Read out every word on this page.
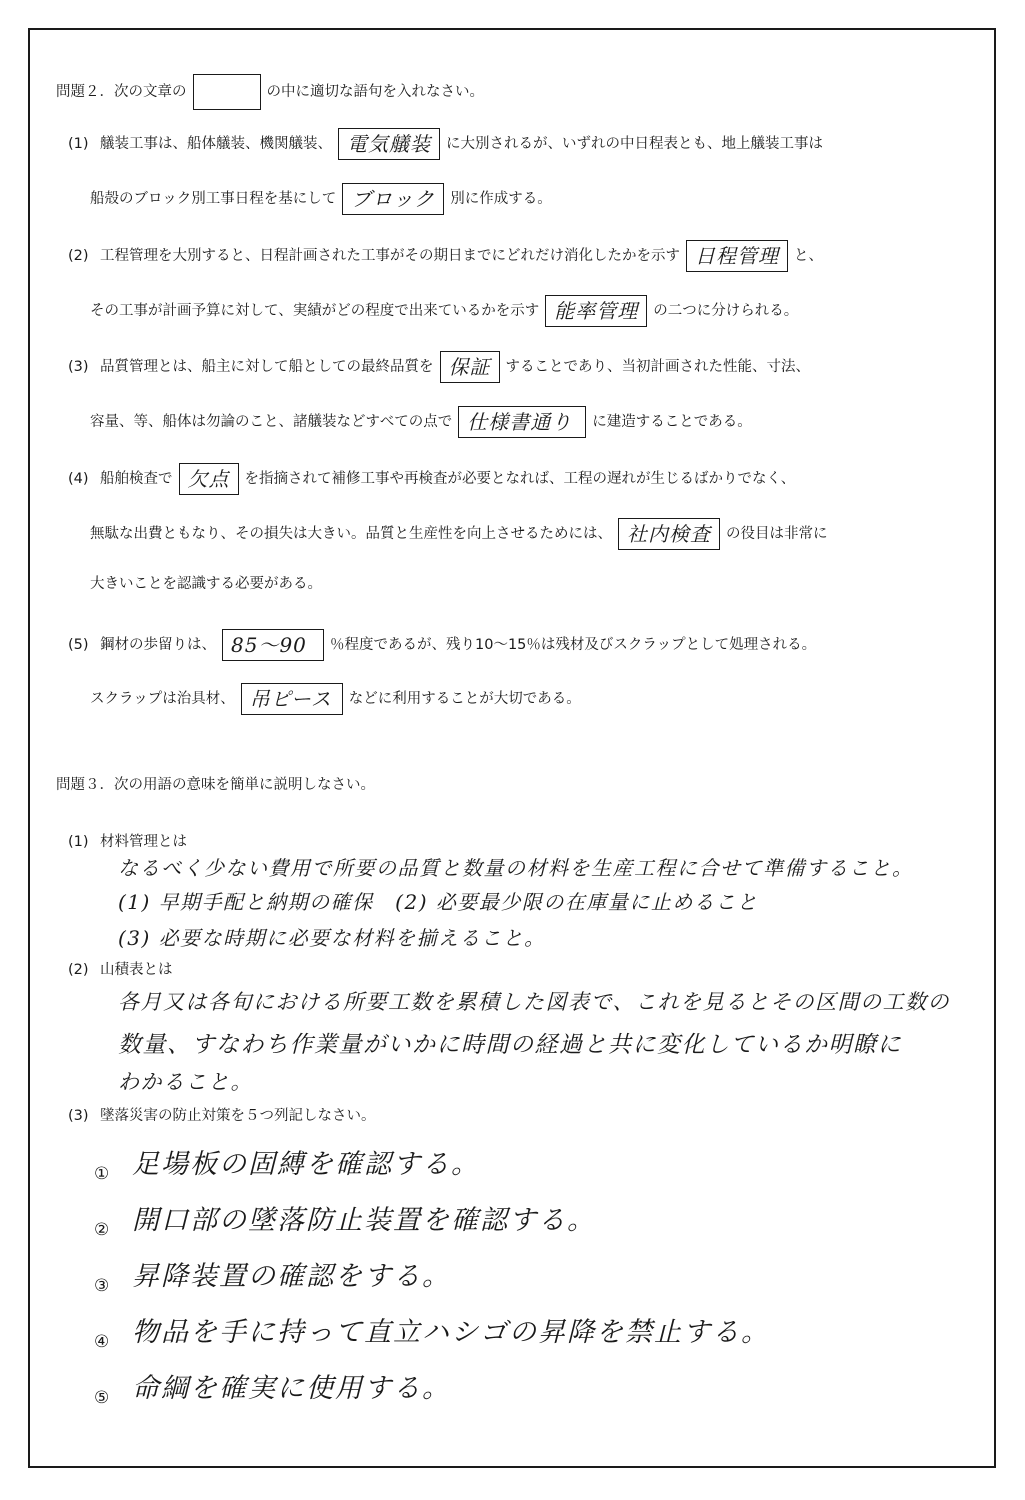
問題２．次の文章の	の中に適切な語句を入れなさい。
(1) 艤装工事は、船体艤装、機関艤装、 電気艤装 に大別されるが、いずれの中日程表とも、地上艤装工事は
船殻のブロック別工事日程を基にして ブロック 別に作成する。
(2) 工程管理を大別すると、日程計画された工事がその期日までにどれだけ消化したかを示す 日程管理 と、
その工事が計画予算に対して、実績がどの程度で出来ているかを示す 能率管理 の二つに分けられる。
(3) 品質管理とは、船主に対して船としての最終品質を 保証 することであり、当初計画された性能、寸法、
容量、等、船体は勿論のこと、諸艤装などすべての点で 仕様書通り に建造することである。
(4) 船舶検査で 欠点 を指摘されて補修工事や再検査が必要となれば、工程の遅れが生じるばかりでなく、
無駄な出費ともなり、その損失は大きい。品質と生産性を向上させるためには、 社内検査 の役目は非常に
大きいことを認識する必要がある。
(5) 鋼材の歩留りは、 85～90 ％程度であるが、残り10～15％は残材及びスクラップとして処理される。
スクラップは治具材、 吊ピース などに利用することが大切である。
問題３．次の用語の意味を簡単に説明しなさい。
(1) 材料管理とは
なるべく少ない費用で所要の品質と数量の材料を生産工程に合せて準備すること。
(1) 早期手配と納期の確保　(2) 必要最少限の在庫量に止めること
(3) 必要な時期に必要な材料を揃えること。
(2) 山積表とは
各月又は各旬における所要工数を累積した図表で、これを見るとその区間の工数の
数量、すなわち作業量がいかに時間の経過と共に変化しているか明瞭に
わかること。
(3) 墜落災害の防止対策を５つ列記しなさい。
① 足場板の固縛を確認する。
② 開口部の墜落防止装置を確認する。
③ 昇降装置の確認をする。
④ 物品を手に持って直立ハシゴの昇降を禁止する。
⑤ 命綱を確実に使用する。
